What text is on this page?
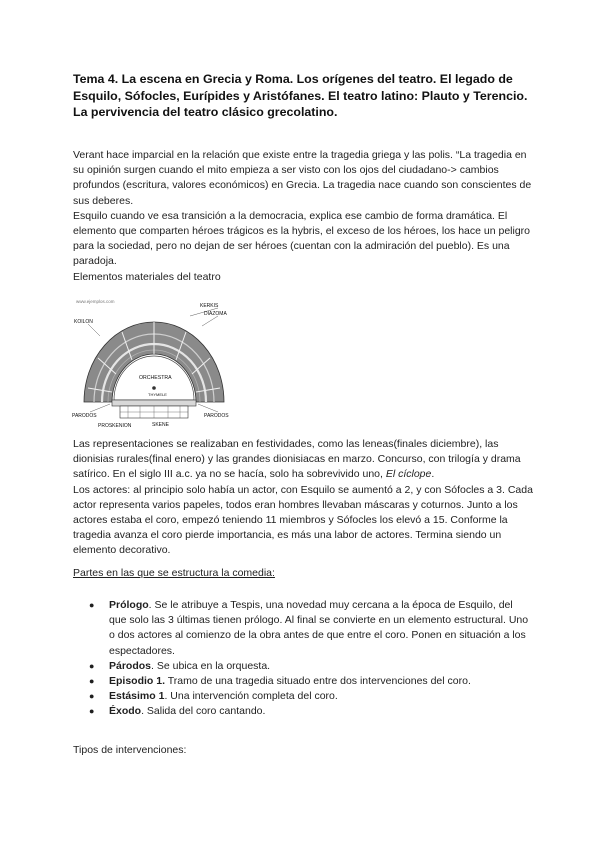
Tema 4. La escena en Grecia y Roma. Los orígenes del teatro. El legado de Esquilo, Sófocles, Eurípides y Aristófanes. El teatro latino: Plauto y Terencio. La pervivencia del teatro clásico grecolatino.

Verant hace imparcial en la relación que existe entre la tragedia griega y las polis. “La tragedia en su opinión surgen cuando el mito empieza a ser visto con los ojos del ciudadano-> cambios profundos (escritura, valores económicos) en Grecia. La tragedia nace cuando son conscientes de sus deberes.

Esquilo cuando ve esa transición a la democracia, explica ese cambio de forma dramática. El elemento que comparten héroes trágicos es la hybris, el exceso de los héroes, los hace un peligro para la sociedad, pero no dejan de ser héroes (cuentan con la admiración del pueblo). Es una paradoja.

Elementos materiales del teatro

www.ejemplos.com
KOILON
KERKIS
DIAZOMA
ORCHESTRA
THYMELE
PARODOS	PARODOS
PROSKENION	SKENE

Las representaciones se realizaban en festividades, como las leneas(finales diciembre), las dionisias rurales(final enero) y las grandes dionisiacas en marzo. Concurso, con trilogía y drama satírico. En el siglo III a.c. ya no se hacía, solo ha sobrevivido uno, El cíclope.

Los actores: al principio solo había un actor, con Esquilo se aumentó a 2, y con Sófocles a 3. Cada actor representa varios papeles, todos eran hombres llevaban máscaras y coturnos. Junto a los actores estaba el coro, empezó teniendo 11 miembros y Sófocles los elevó a 15. Conforme la tragedia avanza el coro pierde importancia, es más una labor de actores. Termina siendo un elemento decorativo.

Partes en las que se estructura la comedia:
● Prólogo. Se le atribuye a Tespis, una novedad muy cercana a la época de Esquilo, del que solo las 3 últimas tienen prólogo. Al final se convierte en un elemento estructural. Uno o dos actores al comienzo de la obra antes de que entre el coro. Ponen en situación a los espectadores.
● Párodos. Se ubica en la orquesta.
● Episodio 1. Tramo de una tragedia situado entre dos intervenciones del coro.
● Estásimo 1. Una intervención completa del coro.
● Éxodo. Salida del coro cantando.
Tipos de intervenciones:
